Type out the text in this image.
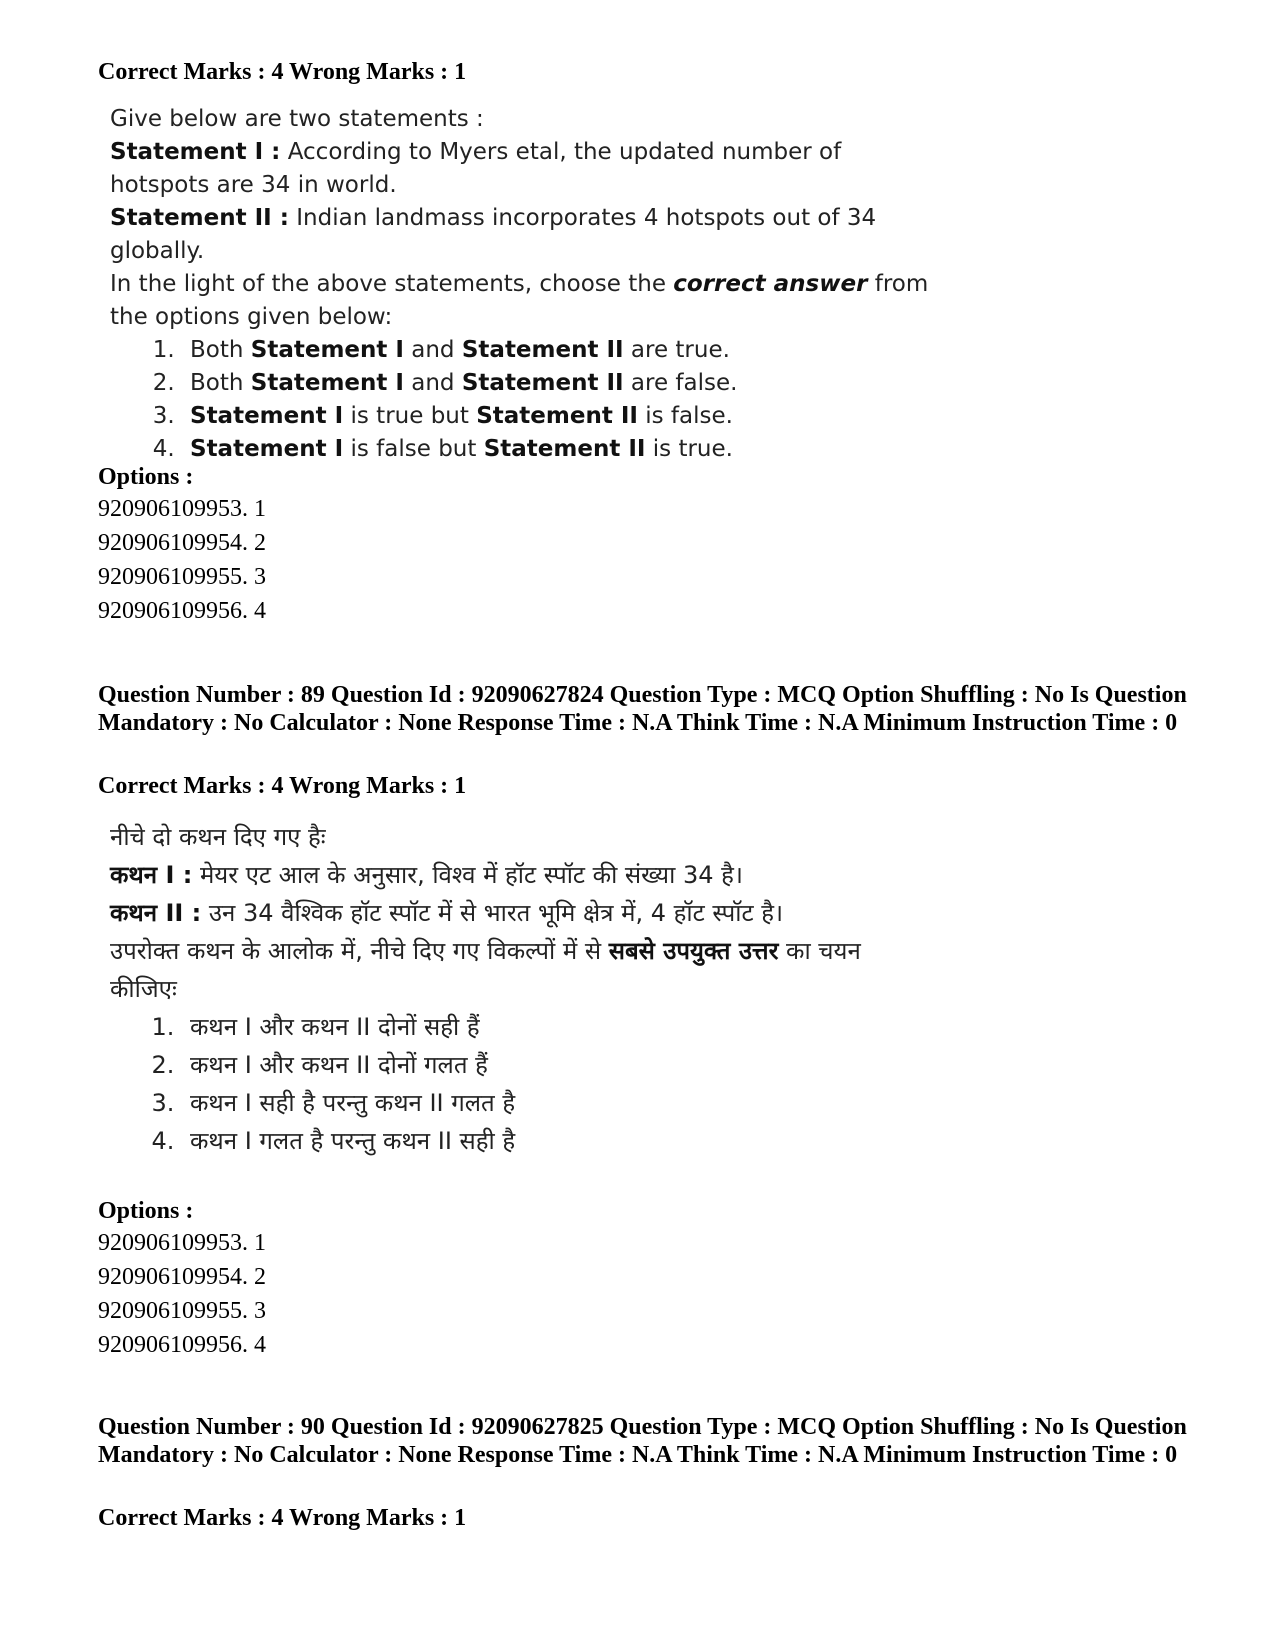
Correct Marks : 4 Wrong Marks : 1

Give below are two statements :

Statement I : According to Myers etal, the updated number of hotspots are 34 in world.

Statement II : Indian landmass incorporates 4 hotspots out of 34 globally.

In the light of the above statements, choose the correct answer from the options given below:

1. Both Statement I and Statement II are true.
2. Both Statement I and Statement II are false.
3. Statement I is true but Statement II is false.
4. Statement I is false but Statement II is true.
Options :
920906109953. 1
920906109954. 2
920906109955. 3
920906109956. 4
Question Number : 89 Question Id : 92090627824 Question Type : MCQ Option Shuffling : No Is Question Mandatory : No Calculator : None Response Time : N.A Think Time : N.A Minimum Instruction Time : 0
Correct Marks : 4 Wrong Marks : 1

नीचे दो कथन दिए गए हैः

कथन I : मेयर एट आल के अनुसार, विश्व में हॉट स्पॉट की संख्या 34 है।

कथन II : उन 34 वैश्विक हॉट स्पॉट में से भारत भूमि क्षेत्र में, 4 हॉट स्पॉट है।

उपरोक्त कथन के आलोक में, नीचे दिए गए विकल्पों में से सबसे उपयुक्त उत्तर का चयन कीजिएः

1. कथन I और कथन II दोनों सही हैं
2. कथन I और कथन II दोनों गलत हैं
3. कथन I सही है परन्तु कथन II गलत है
4. कथन I गलत है परन्तु कथन II सही है
Options :
920906109953. 1
920906109954. 2
920906109955. 3
920906109956. 4
Question Number : 90 Question Id : 92090627825 Question Type : MCQ Option Shuffling : No Is Question Mandatory : No Calculator : None Response Time : N.A Think Time : N.A Minimum Instruction Time : 0
Correct Marks : 4 Wrong Marks : 1
